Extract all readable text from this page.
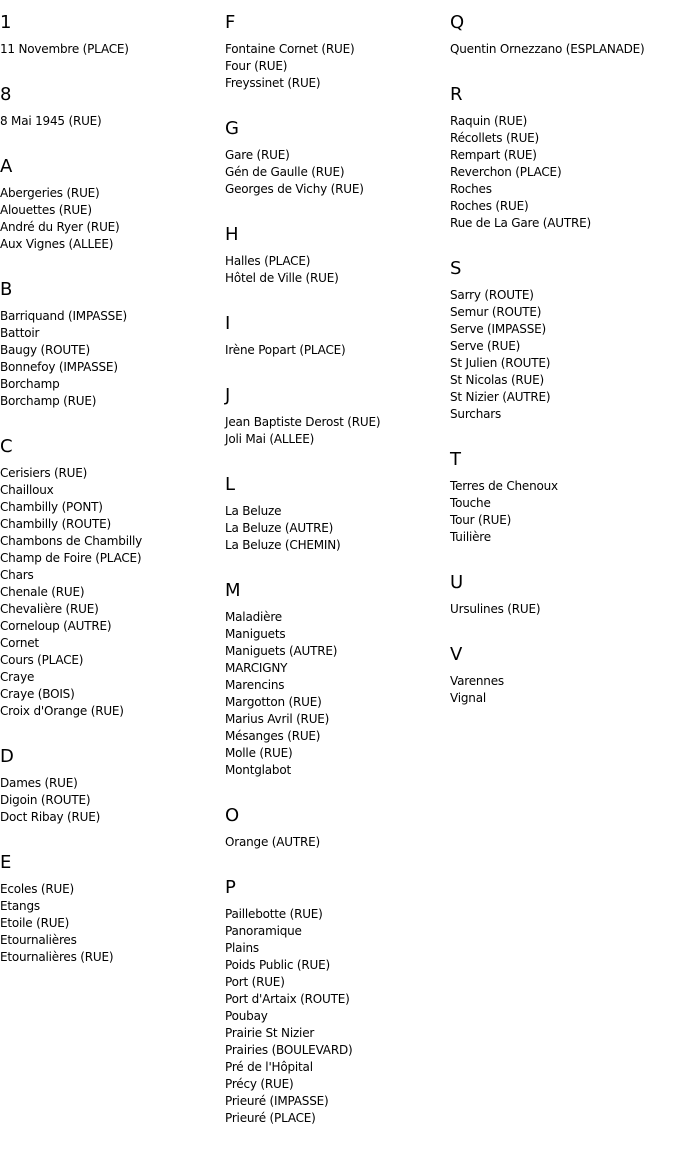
1
11 Novembre (PLACE)
8
8 Mai 1945 (RUE)
A
Abergeries (RUE)
Alouettes (RUE)
André du Ryer (RUE)
Aux Vignes (ALLEE)
B
Barriquand (IMPASSE)
Battoir
Baugy (ROUTE)
Bonnefoy (IMPASSE)
Borchamp
Borchamp (RUE)
C
Cerisiers (RUE)
Chailloux
Chambilly (PONT)
Chambilly (ROUTE)
Chambons de Chambilly
Champ de Foire (PLACE)
Chars
Chenale (RUE)
Chevalière (RUE)
Corneloup (AUTRE)
Cornet
Cours (PLACE)
Craye
Craye (BOIS)
Croix d'Orange (RUE)
D
Dames (RUE)
Digoin (ROUTE)
Doct Ribay (RUE)
E
Ecoles (RUE)
Etangs
Etoile (RUE)
Etournalières
Etournalières (RUE)
F
Fontaine Cornet (RUE)
Four (RUE)
Freyssinet (RUE)
G
Gare (RUE)
Gén de Gaulle (RUE)
Georges de Vichy (RUE)
H
Halles (PLACE)
Hôtel de Ville (RUE)
I
Irène Popart (PLACE)
J
Jean Baptiste Derost (RUE)
Joli Mai (ALLEE)
L
La Beluze
La Beluze (AUTRE)
La Beluze (CHEMIN)
M
Maladière
Maniguets
Maniguets (AUTRE)
MARCIGNY
Marencins
Margotton (RUE)
Marius Avril (RUE)
Mésanges (RUE)
Molle (RUE)
Montglabot
O
Orange (AUTRE)
P
Paillebotte (RUE)
Panoramique
Plains
Poids Public (RUE)
Port (RUE)
Port d'Artaix (ROUTE)
Poubay
Prairie St Nizier
Prairies (BOULEVARD)
Pré de l'Hôpital
Précy (RUE)
Prieuré (IMPASSE)
Prieuré (PLACE)
Q
Quentin Ornezzano (ESPLANADE)
R
Raquin (RUE)
Récollets (RUE)
Rempart (RUE)
Reverchon (PLACE)
Roches
Roches (RUE)
Rue de La Gare (AUTRE)
S
Sarry (ROUTE)
Semur (ROUTE)
Serve (IMPASSE)
Serve (RUE)
St Julien (ROUTE)
St Nicolas (RUE)
St Nizier (AUTRE)
Surchars
T
Terres de Chenoux
Touche
Tour (RUE)
Tuilière
U
Ursulines (RUE)
V
Varennes
Vignal
